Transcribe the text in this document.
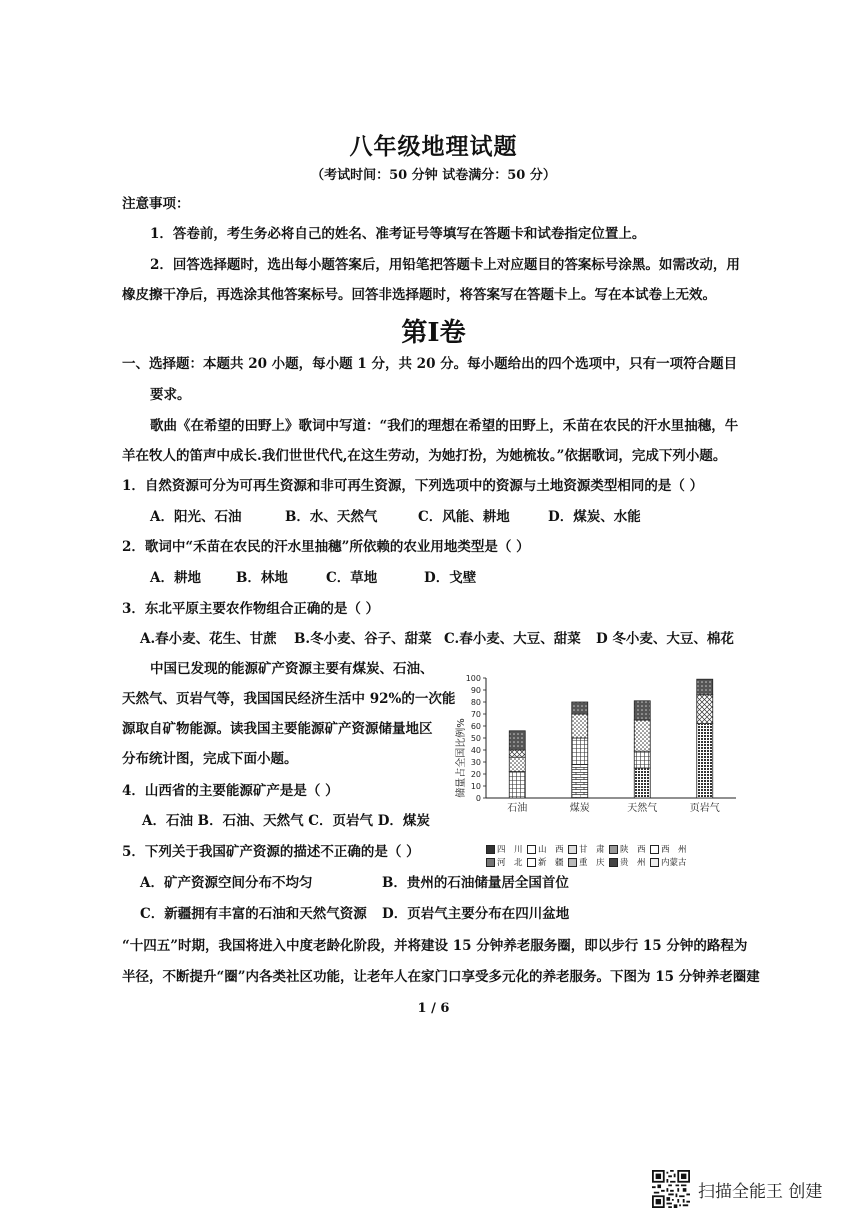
八年级地理试题
（考试时间：50 分钟 试卷满分：50 分）
注意事项：
1．答卷前，考生务必将自己的姓名、准考证号等填写在答题卡和试卷指定位置上。
2．回答选择题时，选出每小题答案后，用铅笔把答题卡上对应题目的答案标号涂黑。如需改动，用
橡皮擦干净后，再选涂其他答案标号。回答非选择题时，将答案写在答题卡上。写在本试卷上无效。
第Ⅰ卷
一、选择题：本题共 20 小题，每小题 1 分，共 20 分。每小题给出的四个选项中，只有一项符合题目
要求。
歌曲《在希望的田野上》歌词中写道：“我们的理想在希望的田野上，禾苗在农民的汗水里抽穗，牛
羊在牧人的笛声中成长.我们世世代代,在这生劳动，为她打扮，为她梳妆。”依据歌词，完成下列小题。
1．自然资源可分为可再生资源和非可再生资源，下列选项中的资源与土地资源类型相同的是（ ）
A．阳光、石油	B．水、天然气	C．风能、耕地	D．煤炭、水能
2．歌词中“禾苗在农民的汗水里抽穗”所依赖的农业用地类型是（ ）
A．耕地	B．林地	C．草地	D．戈壁
3．东北平原主要农作物组合正确的是（ ）
A.春小麦、花生、甘蔗 B.冬小麦、谷子、甜菜 C.春小麦、大豆、甜菜 D 冬小麦、大豆、棉花
中国已发现的能源矿产资源主要有煤炭、石油、
天然气、页岩气等，我国国民经济生活中 92%的一次能
源取自矿物能源。读我国主要能源矿产资源储量地区
分布统计图，完成下面小题。
4．山西省的主要能源矿产是是（ ）
A．石油 B．石油、天然气 C．页岩气 D．煤炭
储量占全国比例%
0
10
20
30
40
50
60
70
80
90
100
石油	煤炭	天然气	页岩气
四　川 山　西 甘　肃 陕　西 西　州
河　北 新　疆 重　庆 贵　州 内蒙古
5．下列关于我国矿产资源的描述不正确的是（ ）
A．矿产资源空间分布不均匀	B．贵州的石油储量居全国首位
C．新疆拥有丰富的石油和天然气资源 D．页岩气主要分布在四川盆地
“十四五”时期，我国将进入中度老龄化阶段，并将建设 15 分钟养老服务圈，即以步行 15 分钟的路程为
半径，不断提升“圈”内各类社区功能，让老年人在家门口享受多元化的养老服务。下图为 15 分钟养老圈建
1 / 6
扫描全能王 创建
